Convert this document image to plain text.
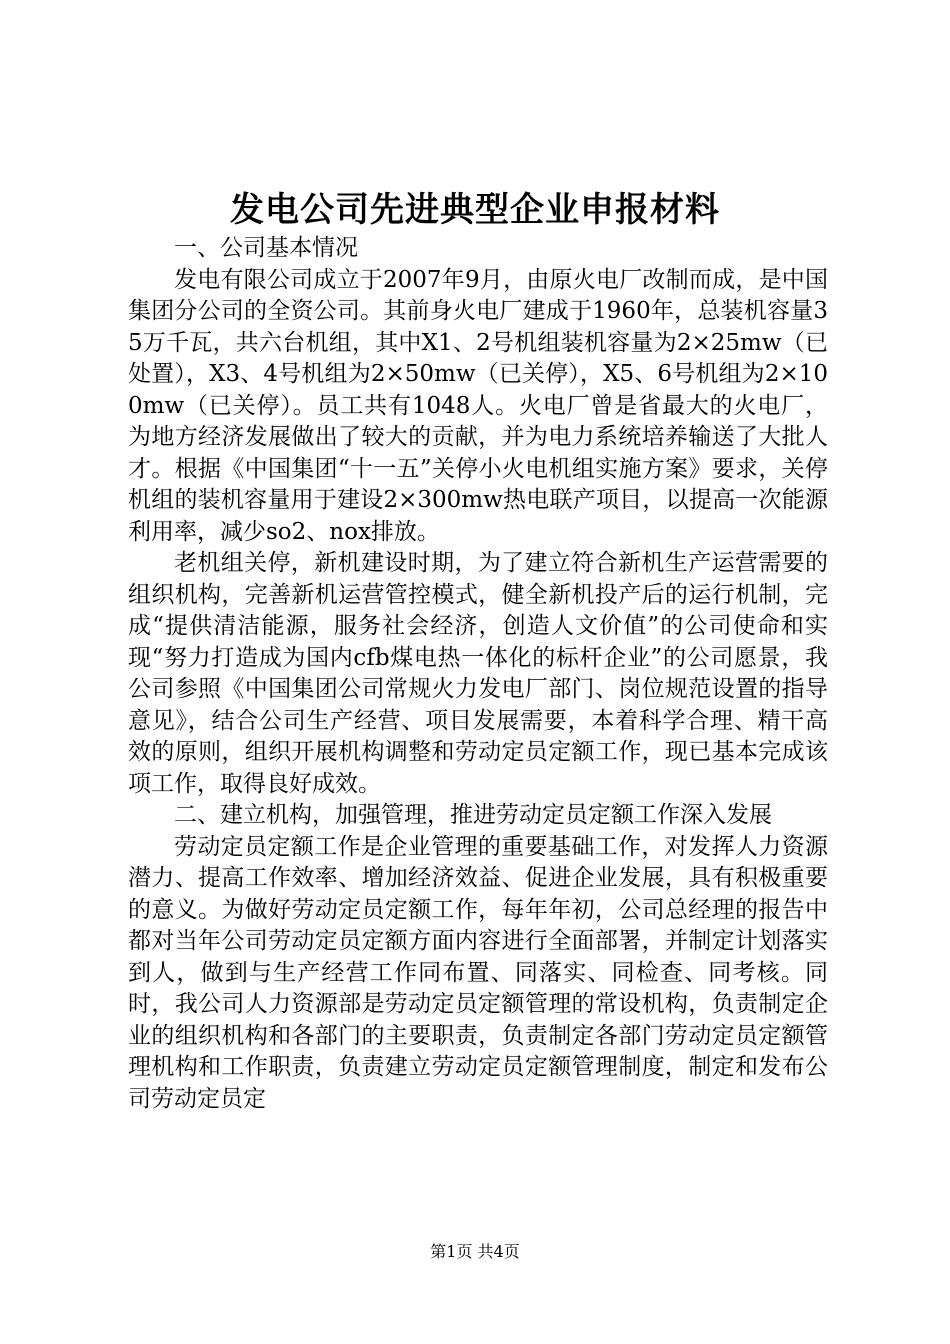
发电公司先进典型企业申报材料

一、公司基本情况

发电有限公司成立于2007年9月，由原火电厂改制而成，是中国集团分公司的全资公司。其前身火电厂建成于1960年，总装机容量35万千瓦，共六台机组，其中X1、2号机组装机容量为2×25mw（已处置），X3、4号机组为2×50mw（已关停），X5、6号机组为2×100mw（已关停）。员工共有1048人。火电厂曾是省最大的火电厂，为地方经济发展做出了较大的贡献，并为电力系统培养输送了大批人才。根据《中国集团“十一五”关停小火电机组实施方案》要求，关停机组的装机容量用于建设2×300mw热电联产项目，以提高一次能源利用率，减少so2、nox排放。

老机组关停，新机建设时期，为了建立符合新机生产运营需要的组织机构，完善新机运营管控模式，健全新机投产后的运行机制，完成“提供清洁能源，服务社会经济，创造人文价值”的公司使命和实现“努力打造成为国内cfb煤电热一体化的标杆企业”的公司愿景，我公司参照《中国集团公司常规火力发电厂部门、岗位规范设置的指导意见》，结合公司生产经营、项目发展需要，本着科学合理、精干高效的原则，组织开展机构调整和劳动定员定额工作，现已基本完成该项工作，取得良好成效。

二、建立机构，加强管理，推进劳动定员定额工作深入发展

劳动定员定额工作是企业管理的重要基础工作，对发挥人力资源潜力、提高工作效率、增加经济效益、促进企业发展，具有积极重要的意义。为做好劳动定员定额工作，每年年初，公司总经理的报告中都对当年公司劳动定员定额方面内容进行全面部署，并制定计划落实到人，做到与生产经营工作同布置、同落实、同检查、同考核。同时，我公司人力资源部是劳动定员定额管理的常设机构，负责制定企业的组织机构和各部门的主要职责，负责制定各部门劳动定员定额管理机构和工作职责，负责建立劳动定员定额管理制度，制定和发布公司劳动定员定

第1页 共4页
